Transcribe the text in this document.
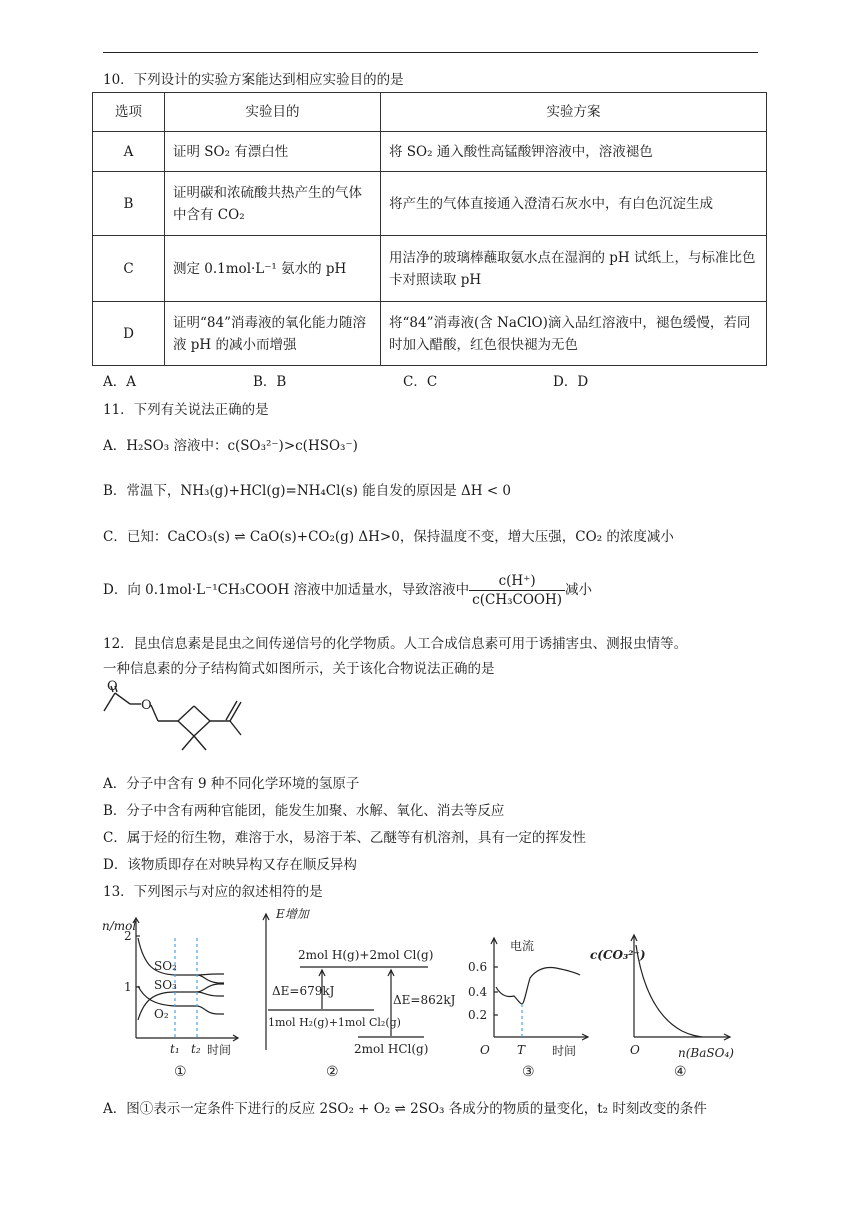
10．下列设计的实验方案能达到相应实验目的的是
选项	实验目的	实验方案
A	证明 SO₂ 有漂白性	将 SO₂ 通入酸性高锰酸钾溶液中，溶液褪色
B	证明碳和浓硫酸共热产生的气体中含有 CO₂	将产生的气体直接通入澄清石灰水中，有白色沉淀生成
C	测定 0.1mol·L⁻¹ 氨水的 pH	用洁净的玻璃棒蘸取氨水点在湿润的 pH 试纸上，与标准比色卡对照读取 pH
D	证明“84”消毒液的氧化能力随溶液 pH 的减小而增强	将“84”消毒液(含 NaClO)滴入品红溶液中，褪色缓慢，若同时加入醋酸，红色很快褪为无色
A．A	B．B	C．C	D．D
11．下列有关说法正确的是
A．H₂SO₃ 溶液中：c(SO₃²⁻)>c(HSO₃⁻)
B．常温下，NH₃(g)+HCl(g)=NH₄Cl(s) 能自发的原因是 ΔH < 0
C．已知：CaCO₃(s) ⇌ CaO(s)+CO₂(g) ΔH>0，保持温度不变，增大压强，CO₂ 的浓度减小
D．向 0.1mol·L⁻¹CH₃COOH 溶液中加适量水，导致溶液中 $\frac{c(H^+)}{\text{c(CH₃COOH)}}$ 减小
12．昆虫信息素是昆虫之间传递信号的化学物质。人工合成信息素可用于诱捕害虫、测报虫情等。
一种信息素的分子结构简式如图所示，关于该化合物说法正确的是
O
O
A．分子中含有 9 种不同化学环境的氢原子
B．分子中含有两种官能团，能发生加聚、水解、氧化、消去等反应
C．属于烃的衍生物，难溶于水，易溶于苯、乙醚等有机溶剂，具有一定的挥发性
D．该物质即存在对映异构又存在顺反异构
13．下列图示与对应的叙述相符的是
n/mol
2
1
SO₂
SO₃
O₂
t₁ t₂ 时间
①
E增加
2mol H(g)+2mol Cl(g)
ΔE=679kJ
ΔE=862kJ
1mol H₂(g)+1mol Cl₂(g)
2mol HCl(g)
②
电流
0.6
0.4
0.2
O T 时间
③
c(CO₃²⁻)
O	n(BaSO₄)
④
A．图①表示一定条件下进行的反应 2SO₂ + O₂ ⇌ 2SO₃ 各成分的物质的量变化，t₂ 时刻改变的条件
